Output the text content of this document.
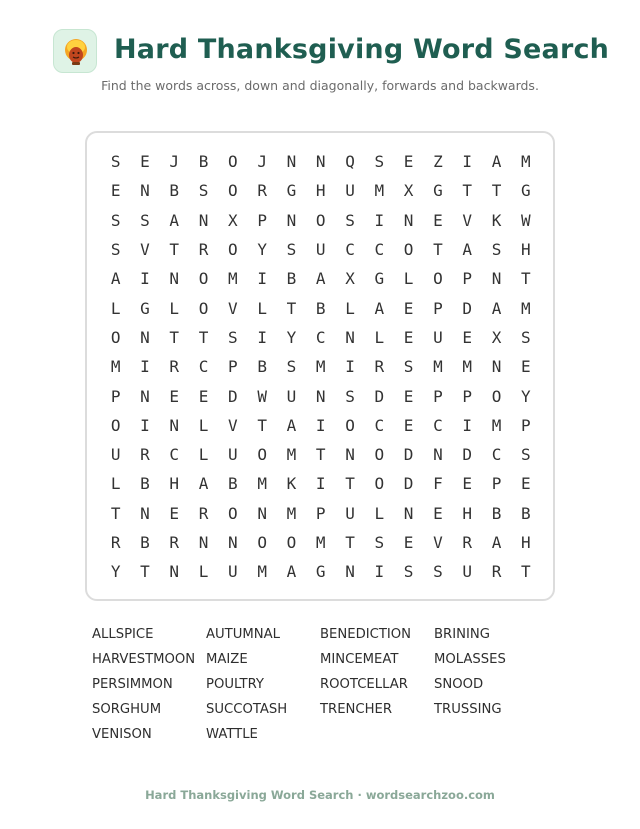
Hard Thanksgiving Word Search
Find the words across, down and diagonally, forwards and backwards.
S	E	J	B	O	J	N	N	Q	S	E	Z	I	A	M
E	N	B	S	O	R	G	H	U	M	X	G	T	T	G
S	S	A	N	X	P	N	O	S	I	N	E	V	K	W
S	V	T	R	O	Y	S	U	C	C	O	T	A	S	H
A	I	N	O	M	I	B	A	X	G	L	O	P	N	T
L	G	L	O	V	L	T	B	L	A	E	P	D	A	M
O	N	T	T	S	I	Y	C	N	L	E	U	E	X	S
M	I	R	C	P	B	S	M	I	R	S	M	M	N	E
P	N	E	E	D	W	U	N	S	D	E	P	P	O	Y
O	I	N	L	V	T	A	I	O	C	E	C	I	M	P
U	R	C	L	U	O	M	T	N	O	D	N	D	C	S
L	B	H	A	B	M	K	I	T	O	D	F	E	P	E
T	N	E	R	O	N	M	P	U	L	N	E	H	B	B
R	B	R	N	N	O	O	M	T	S	E	V	R	A	H
Y	T	N	L	U	M	A	G	N	I	S	S	U	R	T
ALLSPICE	AUTUMNAL	BENEDICTION	BRINING
HARVESTMOON MAIZE	MINCEMEAT	MOLASSES
PERSIMMON	POULTRY	ROOTCELLAR	SNOOD
SORGHUM	SUCCOTASH	TRENCHER	TRUSSING
VENISON	WATTLE
Hard Thanksgiving Word Search · wordsearchzoo.com
